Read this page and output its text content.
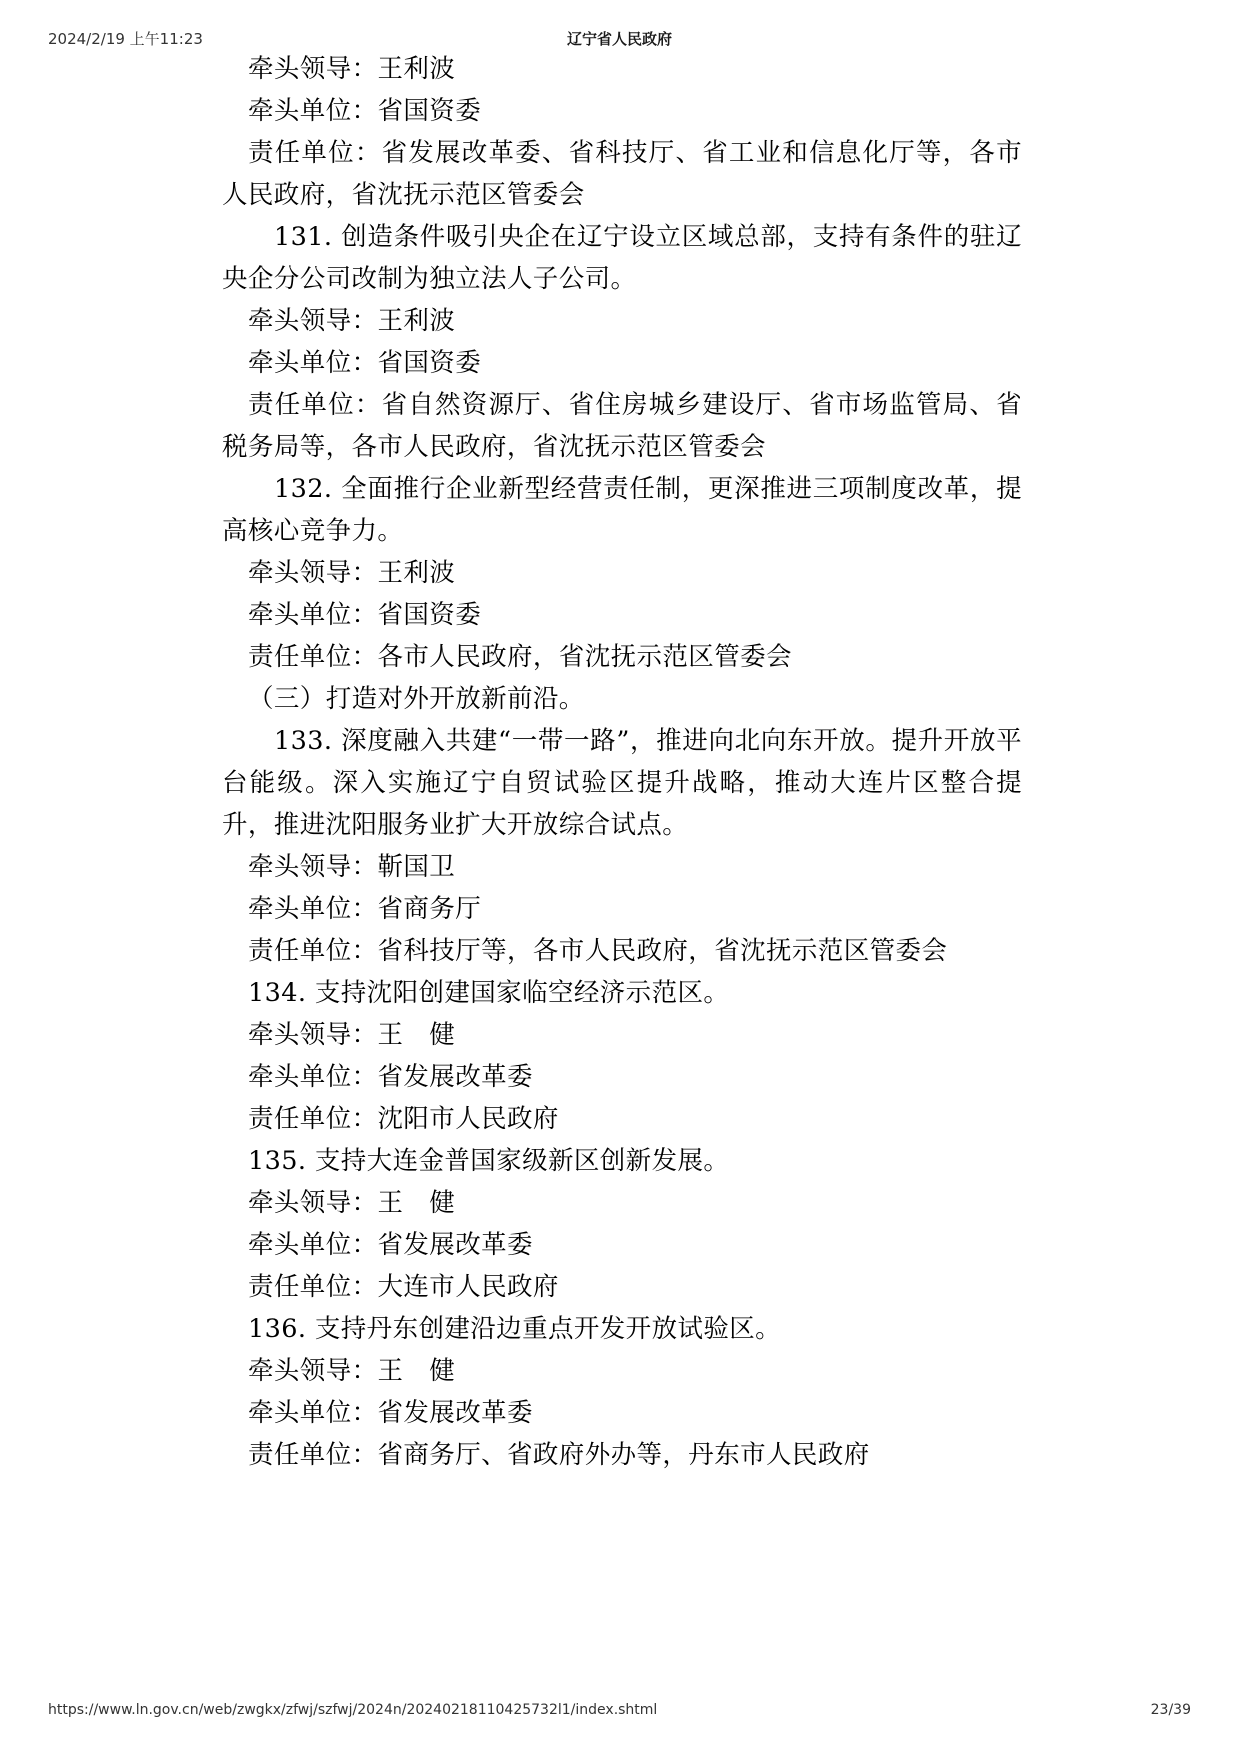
2024/2/19 上午11:23	辽宁省人民政府

牵头领导：王利波

牵头单位：省国资委

责任单位：省发展改革委、省科技厅、省工业和信息化厅等，各市人民政府，省沈抚示范区管委会

131. 创造条件吸引央企在辽宁设立区域总部，支持有条件的驻辽央企分公司改制为独立法人子公司。

牵头领导：王利波

牵头单位：省国资委

责任单位：省自然资源厅、省住房城乡建设厅、省市场监管局、省税务局等，各市人民政府，省沈抚示范区管委会

132. 全面推行企业新型经营责任制，更深推进三项制度改革，提高核心竞争力。

牵头领导：王利波

牵头单位：省国资委

责任单位：各市人民政府，省沈抚示范区管委会

（三）打造对外开放新前沿。

133. 深度融入共建“一带一路”，推进向北向东开放。提升开放平台能级。深入实施辽宁自贸试验区提升战略，推动大连片区整合提升，推进沈阳服务业扩大开放综合试点。

牵头领导：靳国卫

牵头单位：省商务厅

责任单位：省科技厅等，各市人民政府，省沈抚示范区管委会

134. 支持沈阳创建国家临空经济示范区。

牵头领导：王　健

牵头单位：省发展改革委

责任单位：沈阳市人民政府

135. 支持大连金普国家级新区创新发展。

牵头领导：王　健

牵头单位：省发展改革委

责任单位：大连市人民政府

136. 支持丹东创建沿边重点开发开放试验区。

牵头领导：王　健

牵头单位：省发展改革委

责任单位：省商务厅、省政府外办等，丹东市人民政府

https://www.ln.gov.cn/web/zwgkx/zfwj/szfwj/2024n/20240218110425732l1/index.shtml	23/39
